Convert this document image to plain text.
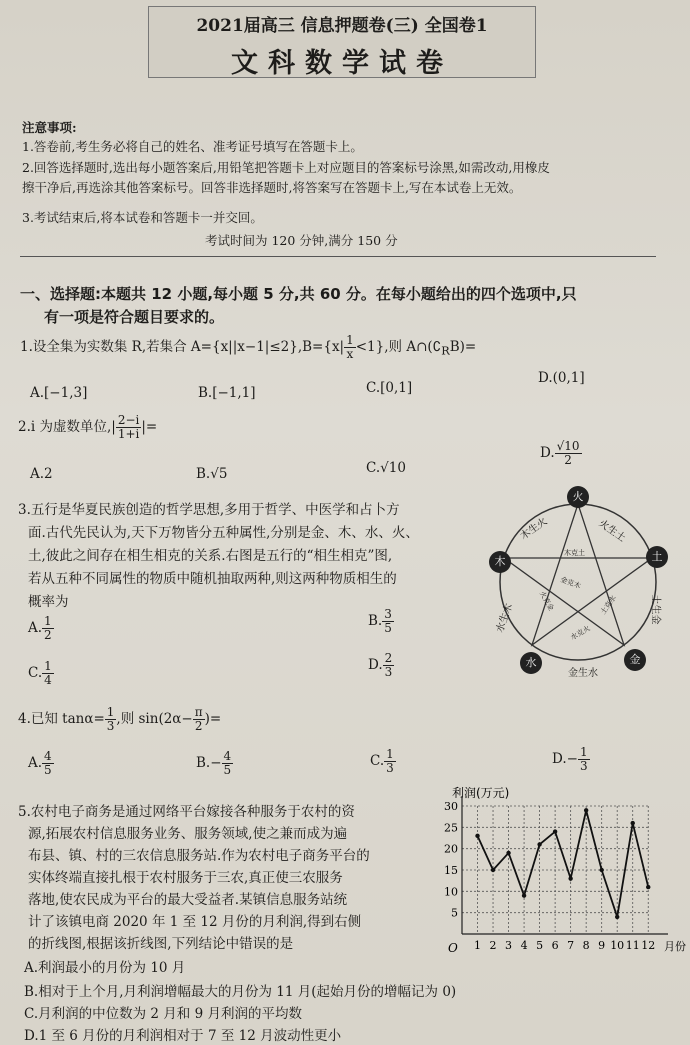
2021届高三 信息押题卷(三) 全国卷1
文科数学试卷
注意事项:
1.答卷前,考生务必将自己的姓名、准考证号填写在答题卡上。
2.回答选择题时,选出每小题答案后,用铅笔把答题卡上对应题目的答案标号涂黑,如需改动,用橡皮
擦干净后,再选涂其他答案标号。回答非选择题时,将答案写在答题卡上,写在本试卷上无效。
3.考试结束后,将本试卷和答题卡一并交回。
考试时间为 120 分钟,满分 150 分
一、选择题:本题共 12 小题,每小题 5 分,共 60 分。在每小题给出的四个选项中,只
有一项是符合题目要求的。
1.设全集为实数集 R,若集合 $A=\{x||x-1|\le 2\},B=\{x| \frac{1}{x} <1\}$,则 $A\cap(∁_RB)=$
A.[−1,3]	B.[−1,1]	C.[0,1]
D.(0,1]
2.i 为虚数单位,| $\frac{2-i}{1+i}$ |=
A.2	B.√5	C.√10
D. $\frac{√10}{2}$
3.五行是华夏民族创造的哲学思想,多用于哲学、中医学和占卜方
面.古代先民认为,天下万物皆分五种属性,分别是金、木、水、火、
土,彼此之间存在相生相克的关系.右图是五行的“相生相克”图,
若从五种不同属性的物质中随机抽取两种,则这两种物质相生的
概率为
A. $\frac{1}{2}$	B. $\frac{3}{5}$
C. $\frac{1}{4}$	D. $\frac{2}{3}$
火
土
金
水
木
木生火	火生土
土生金
金生水
水生木
木克土
土克水
水克火
火克金
金克木
4.已知 $\tan\alpha= \frac{1}{3}$ ,则 $\sin(2\alpha- \frac{\pi}{2}$ )=
A. $\frac{4}{5}$	$B.- \frac{4}{5}$	C. $\frac{1}{3}$	$D.- \frac{1}{3}$
5.农村电子商务是通过网络平台嫁接各种服务于农村的资
源,拓展农村信息服务业务、服务领域,使之兼而成为遍
布县、镇、村的三农信息服务站.作为农村电子商务平台的
实体终端直接扎根于农村服务于三农,真正使三农服务
落地,使农民成为平台的最大受益者.某镇信息服务站统
计了该镇电商 2020 年 1 至 12 月份的月利润,得到右侧
的折线图,根据该折线图,下列结论中错误的是
A.利润最小的月份为 10 月
B.相对于上个月,月利润增幅最大的月份为 11 月(起始月份的增幅记为 0)
C.月利润的中位数为 2 月和 9 月利润的平均数
D.1 至 6 月份的月利润相对于 7 至 12 月波动性更小
利润(万元)
O	月份
5
10
15
20
25
30
1 2 3 4 5 6 7 8 9 10 11 12
